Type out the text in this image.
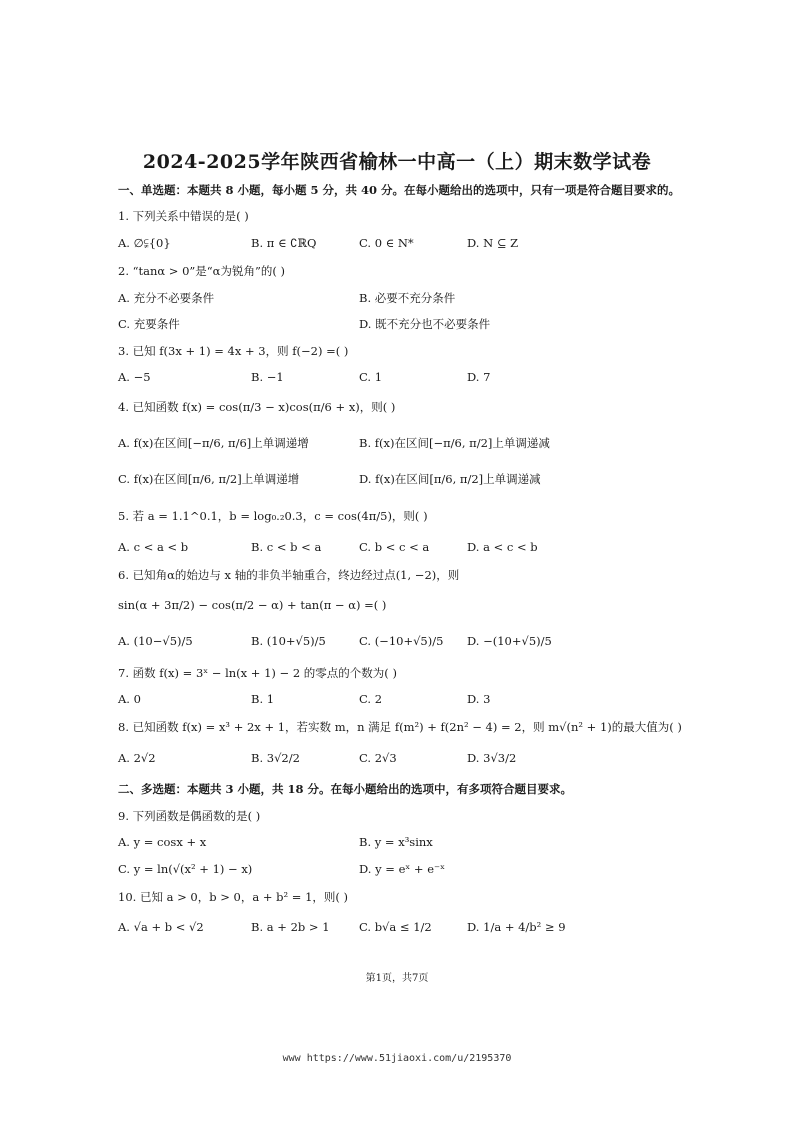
2024-2025学年陕西省榆林一中高一（上）期末数学试卷
一、单选题：本题共 8 小题，每小题 5 分，共 40 分。在每小题给出的选项中，只有一项是符合题目要求的。
1. 下列关系中错误的是( )
A. ∅⫋{0}	B. π ∈ ∁ℝQ	C. 0 ∈ N*	D. N ⊆ Z
2. “tanα > 0”是“α为锐角”的( )
A. 充分不必要条件	B. 必要不充分条件
C. 充要条件	D. 既不充分也不必要条件
3. 已知 f(3x + 1) = 4x + 3，则 f(−2) =( )
A. −5	B. −1	C. 1	D. 7
4. 已知函数 f(x) = cos(π/3 − x)cos(π/6 + x)，则( )
A. f(x)在区间[−π/6, π/6]上单调递增	B. f(x)在区间[−π/6, π/2]上单调递减
C. f(x)在区间[π/6, π/2]上单调递增	D. f(x)在区间[π/6, π/2]上单调递减
5. 若 a = 1.1^0.1，b = log₀.₂0.3，c = cos(4π/5)，则( )
A. c < a < b	B. c < b < a	C. b < c < a	D. a < c < b
6. 已知角α的始边与 x 轴的非负半轴重合，终边经过点(1, −2)，则
sin(α + 3π/2) − cos(π/2 − α) + tan(π − α) =( )
A. (10−√5)/5	B. (10+√5)/5	C. (−10+√5)/5 D. −(10+√5)/5
7. 函数 f(x) = 3ˣ − ln(x + 1) − 2 的零点的个数为( )
A. 0	B. 1	C. 2	D. 3
8. 已知函数 f(x) = x³ + 2x + 1，若实数 m，n 满足 f(m²) + f(2n² − 4) = 2，则 m√(n² + 1)的最大值为( )
A. 2√2	B. 3√2/2	C. 2√3	D. 3√3/2
二、多选题：本题共 3 小题，共 18 分。在每小题给出的选项中，有多项符合题目要求。
9. 下列函数是偶函数的是( )
A. y = cosx + x	B. y = x³sinx
C. y = ln(√(x² + 1) − x)	D. y = eˣ + e⁻ˣ
10. 已知 a > 0，b > 0，a + b² = 1，则( )
A. √a + b < √2	B. a + 2b > 1	C. b√a ≤ 1/2	D. 1/a + 4/b² ≥ 9
第1页，共7页
www https://www.51jiaoxi.com/u/2195370
